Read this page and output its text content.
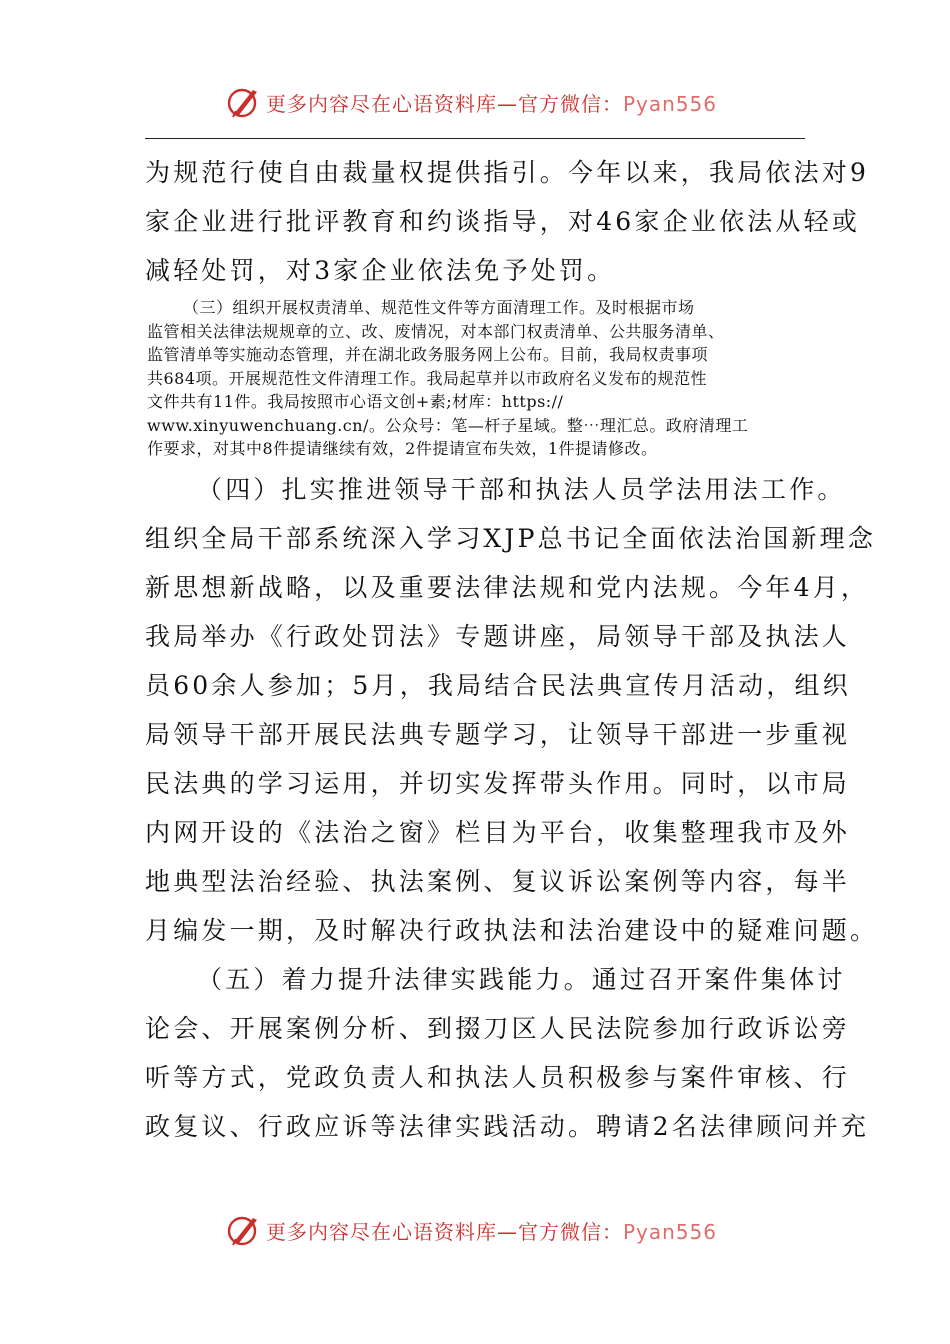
更多内容尽在心语资料库—官方微信：Pyan556
为规范行使自由裁量权提供指引。今年以来，我局依法对9
家企业进行批评教育和约谈指导，对46家企业依法从轻或
减轻处罚，对3家企业依法免予处罚。
（三）组织开展权责清单、规范性文件等方面清理工作。及时根据市场
监管相关法律法规规章的立、改、废情况，对本部门权责清单、公共服务清单、
监管清单等实施动态管理，并在湖北政务服务网上公布。目前，我局权责事项
共684项。开展规范性文件清理工作。我局起草并以市政府名义发布的规范性
文件共有11件。我局按照市心语文创+素;材库：https://
www.xinyuwenchuang.cn/。公众号：笔—杆子星域。整⋯理汇总。政府清理工
作要求，对其中8件提请继续有效，2件提请宣布失效，1件提请修改。
（四）扎实推进领导干部和执法人员学法用法工作。
组织全局干部系统深入学习XJP总书记全面依法治国新理念
新思想新战略，以及重要法律法规和党内法规。今年4月，
我局举办《行政处罚法》专题讲座，局领导干部及执法人
员60余人参加；5月，我局结合民法典宣传月活动，组织
局领导干部开展民法典专题学习，让领导干部进一步重视
民法典的学习运用，并切实发挥带头作用。同时，以市局
内网开设的《法治之窗》栏目为平台，收集整理我市及外
地典型法治经验、执法案例、复议诉讼案例等内容，每半
月编发一期，及时解决行政执法和法治建设中的疑难问题。
（五）着力提升法律实践能力。通过召开案件集体讨
论会、开展案例分析、到掇刀区人民法院参加行政诉讼旁
听等方式，党政负责人和执法人员积极参与案件审核、行
政复议、行政应诉等法律实践活动。聘请2名法律顾问并充
更多内容尽在心语资料库—官方微信：Pyan556
